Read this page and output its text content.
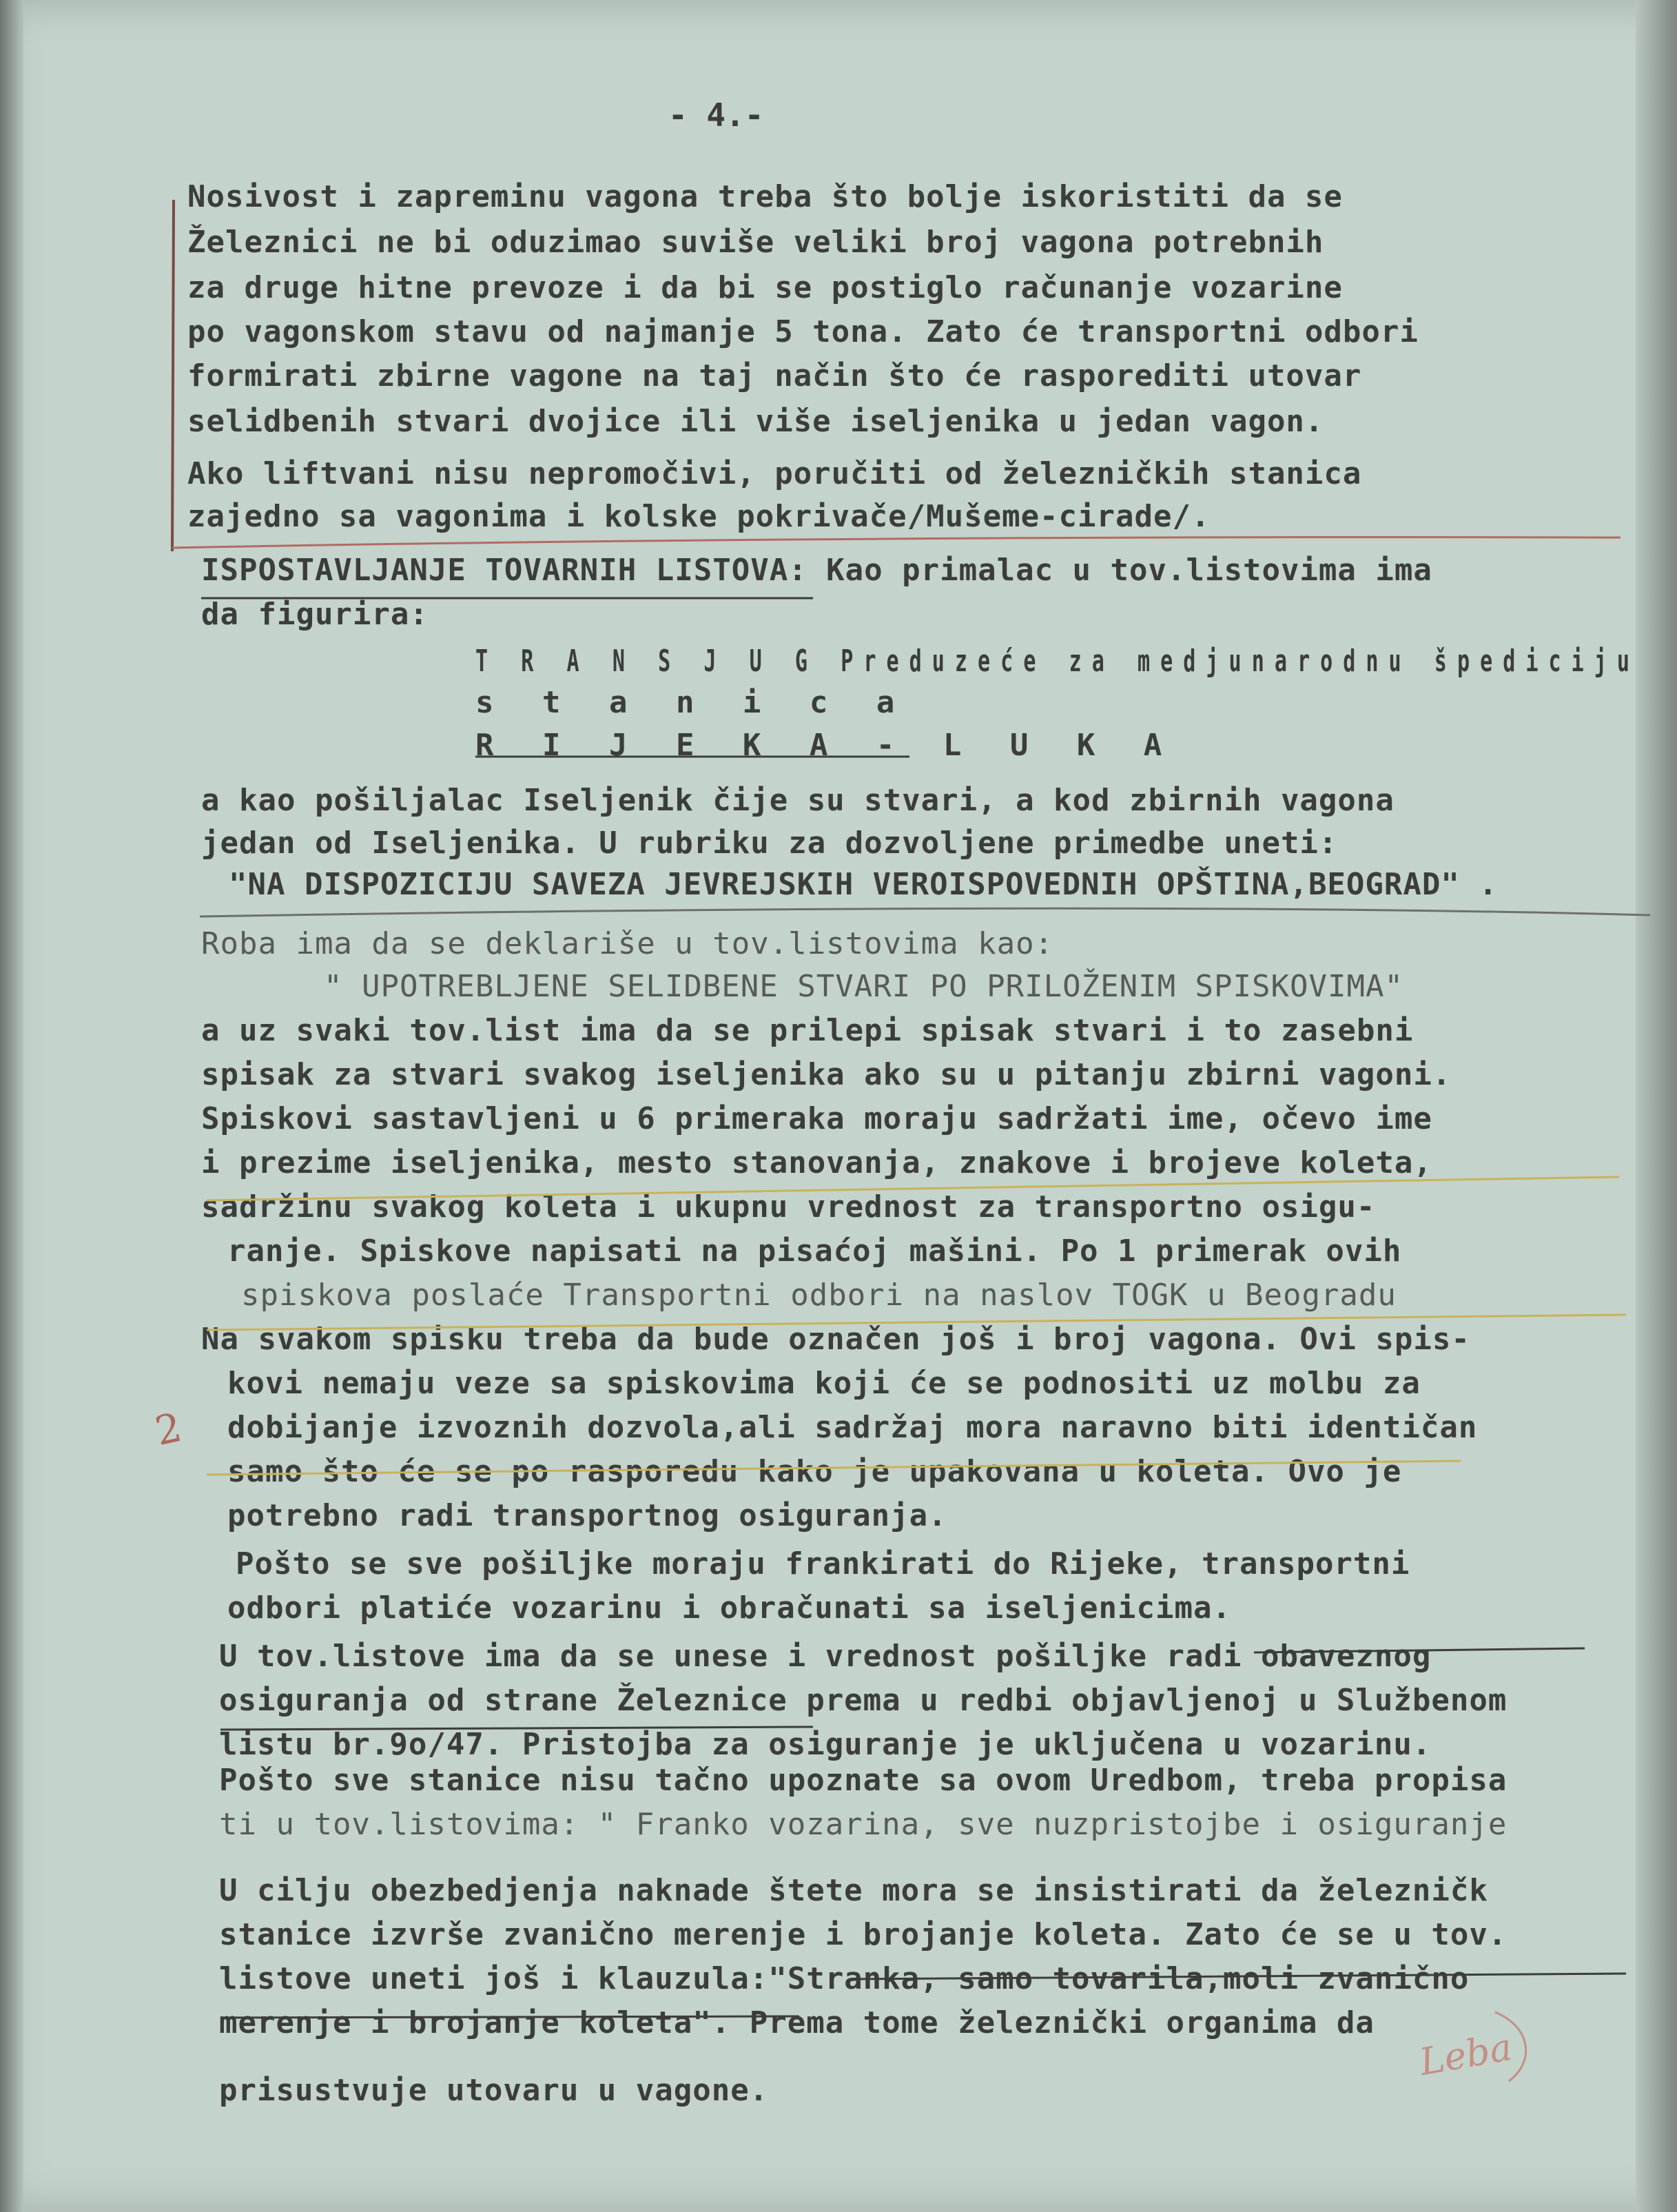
- 4.-
Nosivost i zapreminu vagona treba što bolje iskoristiti da se
Železnici ne bi oduzimao suviše veliki broj vagona potrebnih
za druge hitne prevoze i da bi se postiglo računanje vozarine
po vagonskom stavu od najmanje 5 tona. Zato će transportni odbori
formirati zbirne vagone na taj način što će rasporediti utovar
selidbenih stvari dvojice ili više iseljenika u jedan vagon.
Ako liftvani nisu nepromočivi, poručiti od železničkih stanica
zajedno sa vagonima i kolske pokrivače/Mušeme-cirade/.
ISPOSTAVLJANJE TOVARNIH LISTOVA: Kao primalac u tov.listovima ima
da figurira:
T R A N S J U G Preduzeće za medjunarodnu špediciju
s t a n i c a
R I J E K A - L U K A
a kao pošiljalac Iseljenik čije su stvari, a kod zbirnih vagona
jedan od Iseljenika. U rubriku za dozvoljene primedbe uneti:
"NA DISPOZICIJU SAVEZA JEVREJSKIH VEROISPOVEDNIH OPŠTINA,BEOGRAD" .
Roba ima da se deklariše u tov.listovima kao:
" UPOTREBLJENE SELIDBENE STVARI PO PRILOŽENIM SPISKOVIMA"
a uz svaki tov.list ima da se prilepi spisak stvari i to zasebni
spisak za stvari svakog iseljenika ako su u pitanju zbirni vagoni.
Spiskovi sastavljeni u 6 primeraka moraju sadržati ime, očevo ime
i prezime iseljenika, mesto stanovanja, znakove i brojeve koleta,
sadržinu svakog koleta i ukupnu vrednost za transportno osigu-
ranje. Spiskove napisati na pisaćoj mašini. Po 1 primerak ovih
spiskova poslaće Transportni odbori na naslov TOGK u Beogradu
Na svakom spisku treba da bude označen još i broj vagona. Ovi spis-
kovi nemaju veze sa spiskovima koji će se podnositi uz molbu za
dobijanje izvoznih dozvola,ali sadržaj mora naravno biti identičan
samo što će se po rasporedu kako je upakovana u koleta. Ovo je
potrebno radi transportnog osiguranja.
Pošto se sve pošiljke moraju frankirati do Rijeke, transportni
odbori platiće vozarinu i obračunati sa iseljenicima.
U tov.listove ima da se unese i vrednost pošiljke radi obaveznog
osiguranja od strane Železnice prema u redbi objavljenoj u Službenom
listu br.9o/47. Pristojba za osiguranje je uključena u vozarinu.
Pošto sve stanice nisu tačno upoznate sa ovom Uredbom, treba propisa
ti u tov.listovima: " Franko vozarina, sve nuzpristojbe i osiguranje
U cilju obezbedjenja naknade štete mora se insistirati da železničk
stanice izvrše zvanično merenje i brojanje koleta. Zato će se u tov.
listove uneti još i klauzula:"Stranka, samo tovarila,moli zvanično
merenje i brojanje koleta". Prema tome železnički organima da
prisustvuje utovaru u vagone.
2
Leba
